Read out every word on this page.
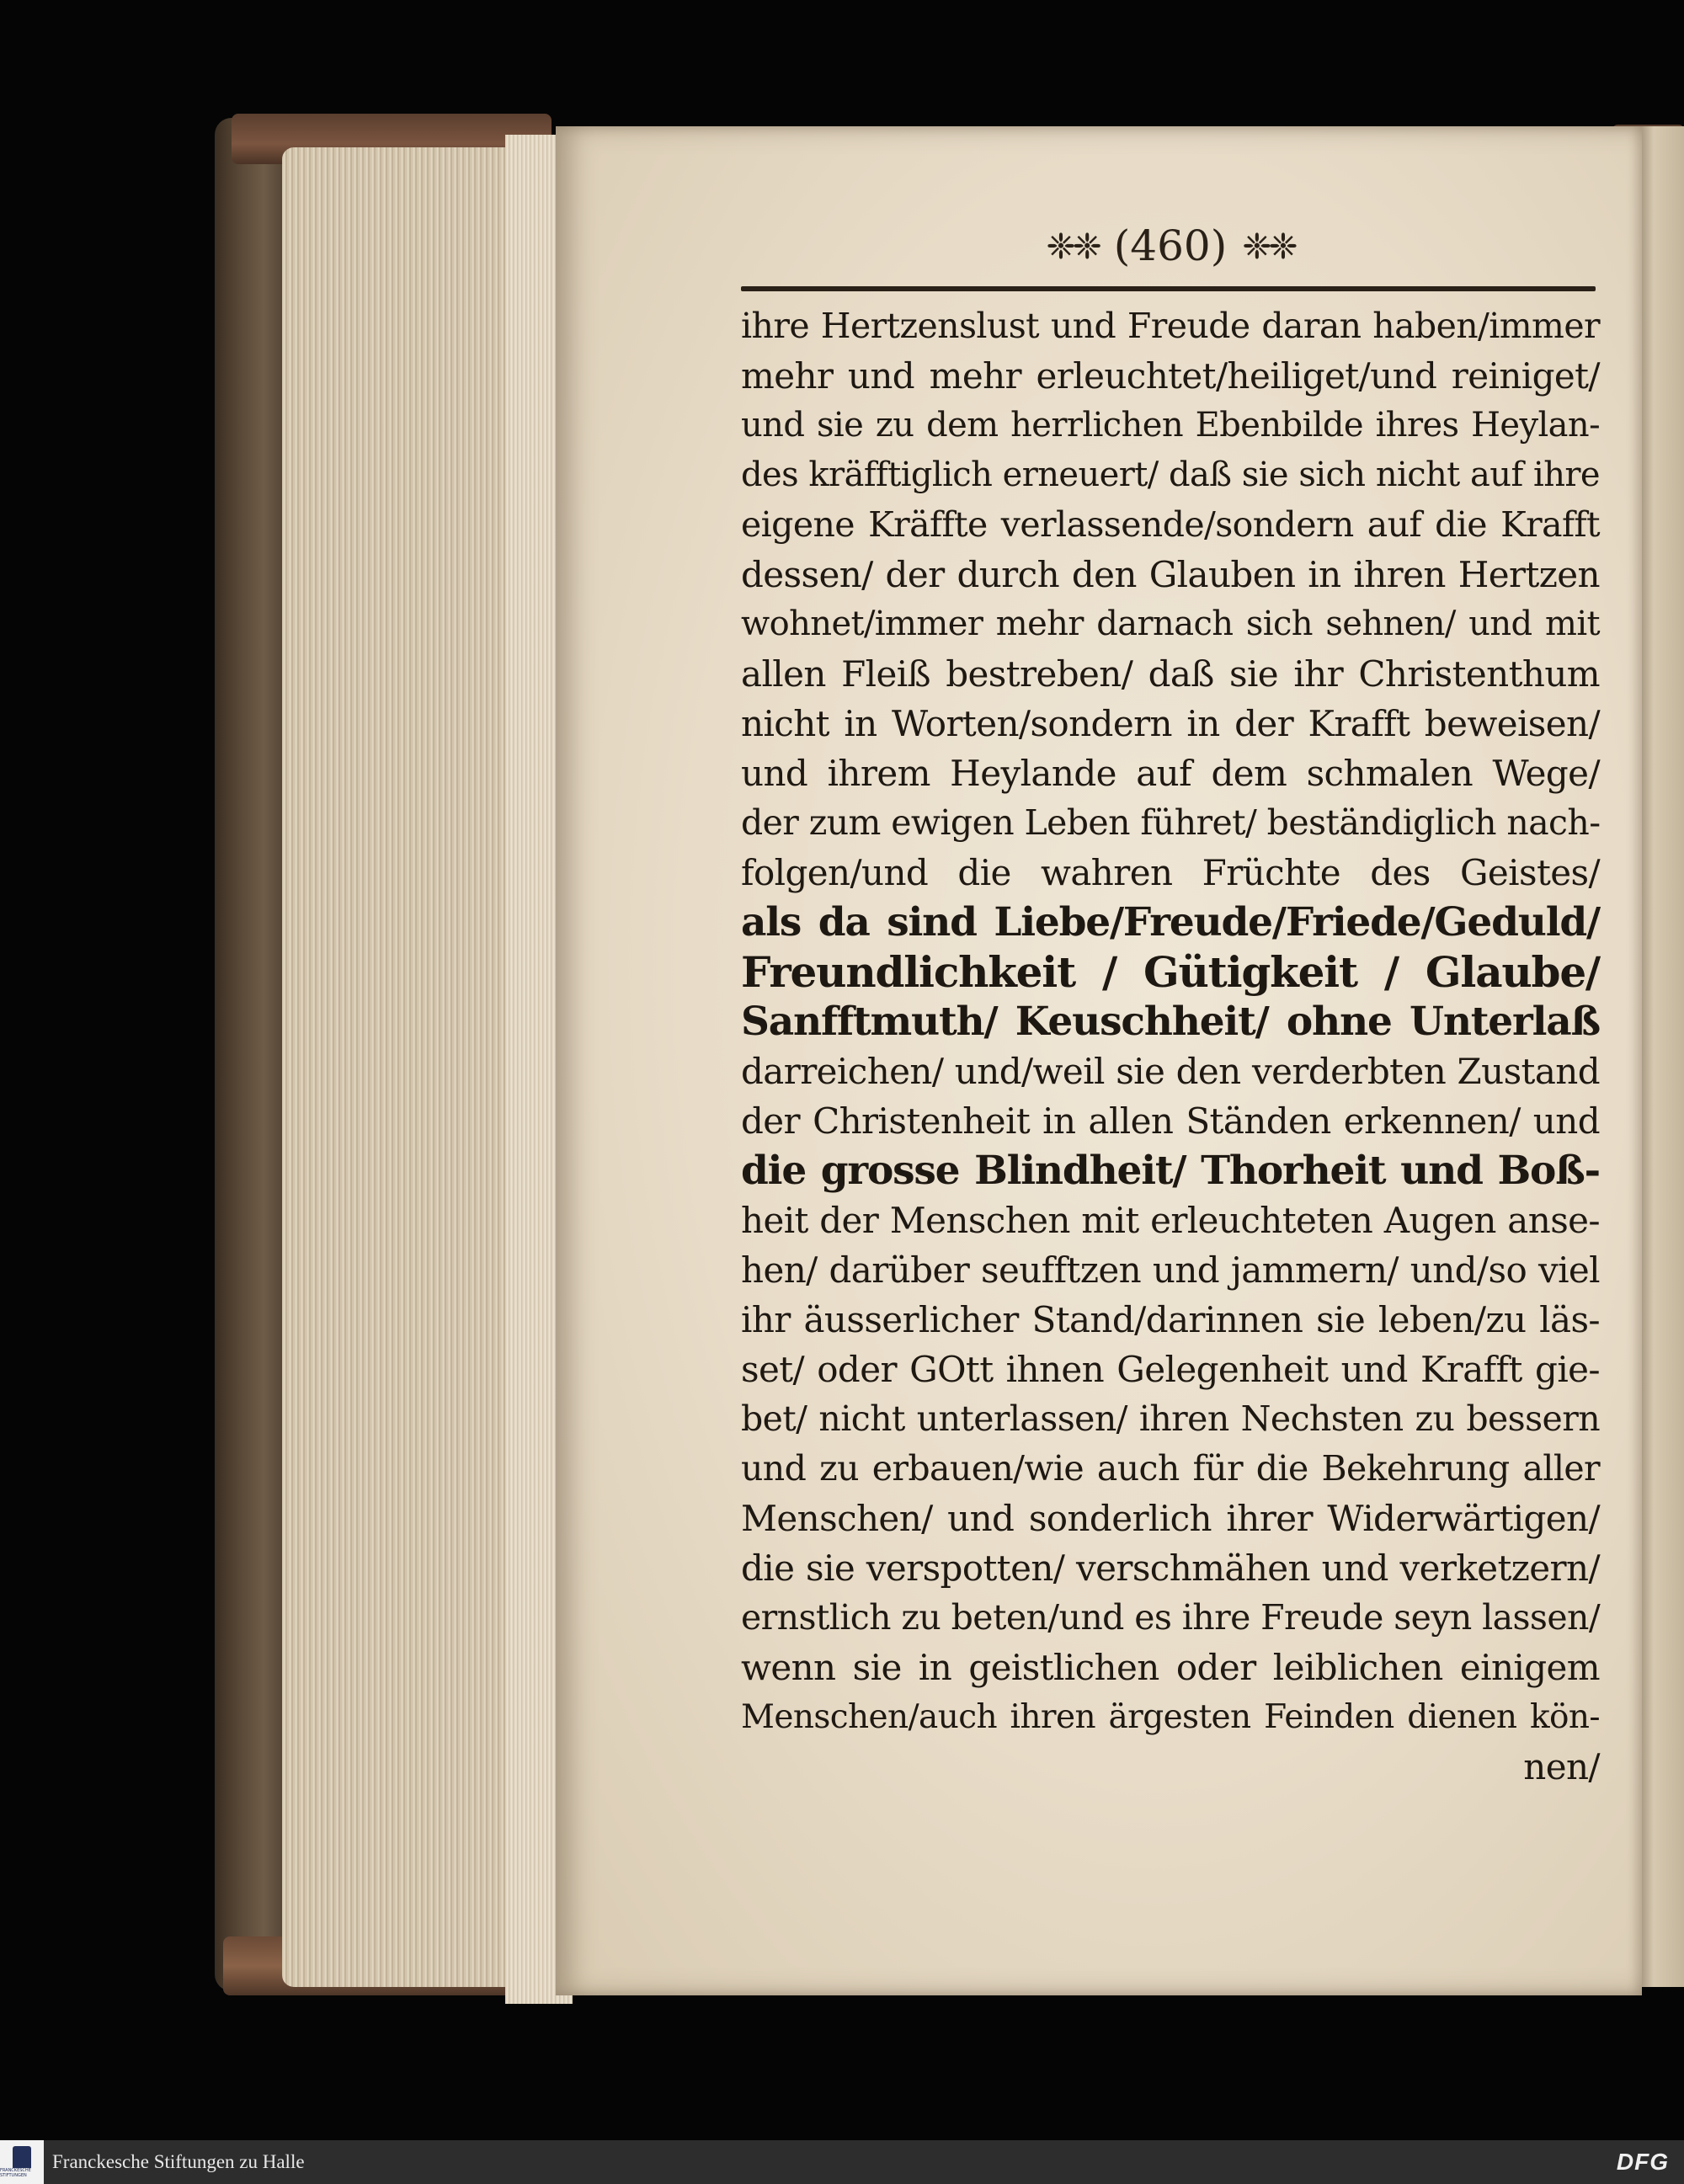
❈❈ (460) ❈❈
ihre Hertzenslust und Freude daran haben/immer
mehr und mehr erleuchtet/heiliget/und reiniget/
und sie zu dem herrlichen Ebenbilde ihres Heylan-
des kräfftiglich erneuert/ daß sie sich nicht auf ihre
eigene Kräffte verlassende/sondern auf die Krafft
dessen/ der durch den Glauben in ihren Hertzen
wohnet/immer mehr darnach sich sehnen/ und mit
allen Fleiß bestreben/ daß sie ihr Christenthum
nicht in Worten/sondern in der Krafft beweisen/
und ihrem Heylande auf dem schmalen Wege/
der zum ewigen Leben führet/ beständiglich nach-
folgen/und die wahren Früchte des Geistes/
als da sind Liebe/Freude/Friede/Geduld/
Freundlichkeit / Gütigkeit / Glaube/
Sanfftmuth/ Keuschheit/ ohne Unterlaß
darreichen/ und/weil sie den verderbten Zustand
der Christenheit in allen Ständen erkennen/ und
die grosse Blindheit/ Thorheit und Boß-
heit der Menschen mit erleuchteten Augen anse-
hen/ darüber seufftzen und jammern/ und/so viel
ihr äusserlicher Stand/darinnen sie leben/zu läs-
set/ oder GOtt ihnen Gelegenheit und Krafft gie-
bet/ nicht unterlassen/ ihren Nechsten zu bessern
und zu erbauen/wie auch für die Bekehrung aller
Menschen/ und sonderlich ihrer Widerwärtigen/
die sie verspotten/ verschmähen und verketzern/
ernstlich zu beten/und es ihre Freude seyn lassen/
wenn sie in geistlichen oder leiblichen einigem
Menschen/auch ihren ärgesten Feinden dienen kön-
nen/
FRANCKESCHE STIFTUNGEN
Franckesche Stiftungen zu Halle	DFG
